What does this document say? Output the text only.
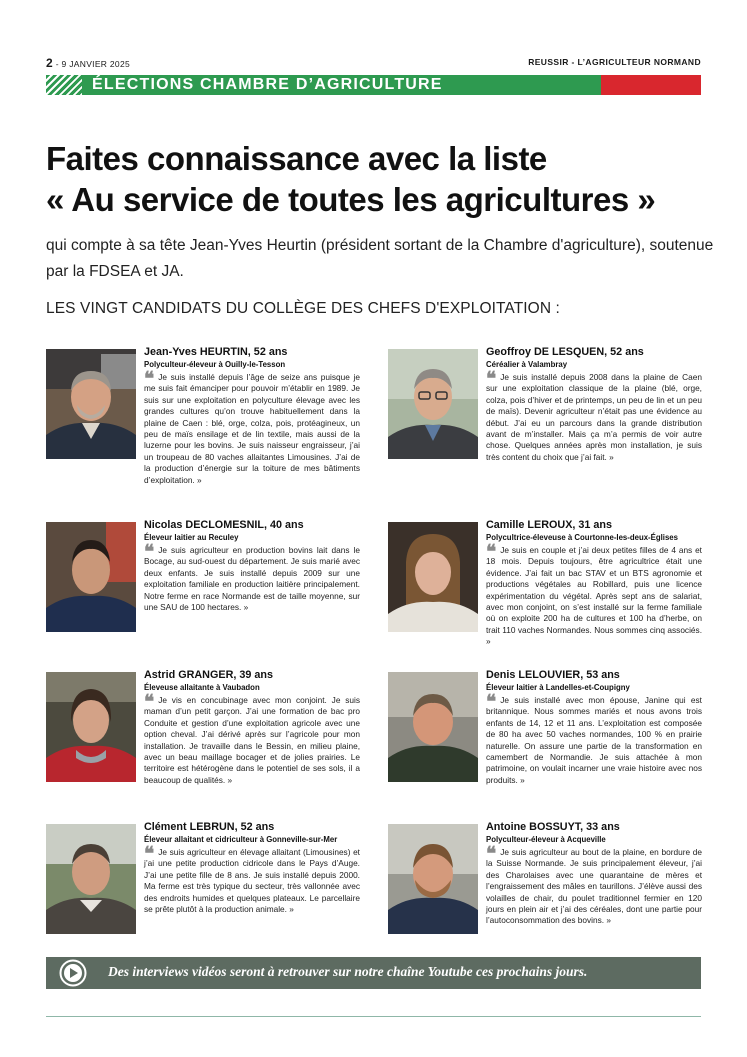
2 - 9 JANVIER 2025	REUSSIR - L’AGRICULTEUR NORMAND
ÉLECTIONS CHAMBRE D’AGRICULTURE
Faites connaissance avec la liste
« Au service de toutes les agricultures »

qui compte à sa tête Jean-Yves Heurtin (président sortant de la Chambre d'agriculture), soutenue par la FDSEA et JA.

LES VINGT CANDIDATS DU COLLÈGE DES CHEFS D'EXPLOITATION :
Jean-Yves HEURTIN, 52 ans
Polyculteur-éleveur à Ouilly-le-Tesson
❝ Je suis installé depuis l’âge de seize ans puisque je me suis fait émanciper pour pouvoir m’établir en 1989. Je suis sur une exploitation en polyculture élevage avec les grandes cultures qu’on trouve habituellement dans la plaine de Caen : blé, orge, colza, pois, protéagineux, un peu de maïs ensilage et de lin textile, mais aussi de la luzerne pour les bovins. Je suis naisseur engraisseur, j’ai un troupeau de 80 vaches allaitantes Limousines. J’ai de la production d’énergie sur la toiture de mes bâtiments d’exploitation. »
Geoffroy DE LESQUEN, 52 ans
Céréalier à Valambray
❝ Je suis installé depuis 2008 dans la plaine de Caen sur une exploitation classique de la plaine (blé, orge, colza, pois d’hiver et de printemps, un peu de lin et un peu de maïs). Devenir agriculteur n’était pas une évidence au début. J’ai eu un parcours dans la grande distribution avant de m’installer. Mais ça m’a permis de voir autre chose. Quelques années après mon installation, je suis très content du choix que j’ai fait. »
Nicolas DECLOMESNIL, 40 ans
Éleveur laitier au Reculey
❝ Je suis agriculteur en production bovins lait dans le Bocage, au sud-ouest du département. Je suis marié avec deux enfants. Je suis installé depuis 2009 sur une exploitation familiale en production laitière principalement. Notre ferme en race Normande est de taille moyenne, sur une SAU de 100 hectares. »
Camille LEROUX, 31 ans
Polycultrice-éleveuse à Courtonne-les-deux-Églises
❝ Je suis en couple et j’ai deux petites filles de 4 ans et 18 mois. Depuis toujours, être agricultrice était une évidence. J’ai fait un bac STAV et un BTS agronomie et productions végétales au Robillard, puis une licence expérimentation du végétal. Après sept ans de salariat, avec mon conjoint, on s’est installé sur la ferme familiale où on exploite 200 ha de cultures et 100 ha d’herbe, on trait 110 vaches Normandes. Nous sommes cinq associés. »
Astrid GRANGER, 39 ans
Éleveuse allaitante à Vaubadon
❝ Je vis en concubinage avec mon conjoint. Je suis maman d’un petit garçon. J’ai une formation de bac pro Conduite et gestion d’une exploitation agricole avec une option cheval. J’ai dérivé après sur l’agricole pour mon installation. Je travaille dans le Bessin, en milieu plaine, avec un beau maillage bocager et de jolies prairies. Le territoire est hétérogène dans le potentiel de ses sols, il a beaucoup de qualités. »
Denis LELOUVIER, 53 ans
Éleveur laitier à Landelles-et-Coupigny
❝ Je suis installé avec mon épouse, Janine qui est britannique. Nous sommes mariés et nous avons trois enfants de 14, 12 et 11 ans. L’exploitation est composée de 80 ha avec 50 vaches normandes, 100 % en prairie naturelle. On assure une partie de la transformation en camembert de Normandie. Je suis attachée à mon patrimoine, on voulait incarner une vraie histoire avec nos produits. »
Clément LEBRUN, 52 ans
Éleveur allaitant et cidriculteur à Gonneville-sur-Mer
❝ Je suis agriculteur en élevage allaitant (Limousines) et j’ai une petite production cidricole dans le Pays d’Auge. J’ai une petite fille de 8 ans. Je suis installé depuis 2000. Ma ferme est très typique du secteur, très vallonnée avec des endroits humides et quelques plateaux. Le parcellaire se prête plutôt à la production animale. »
Antoine BOSSUYT, 33 ans
Polyculteur-éleveur à Acqueville
❝ Je suis agriculteur au bout de la plaine, en bordure de la Suisse Normande. Je suis principalement éleveur, j’ai des Charolaises avec une quarantaine de mères et l’engraissement des mâles en taurillons. J’élève aussi des volailles de chair, du poulet traditionnel fermier en 120 jours en plein air et j’ai des céréales, dont une partie pour l’autoconsommation des bovins. »
Des interviews vidéos seront à retrouver sur notre chaîne Youtube ces prochains jours.
